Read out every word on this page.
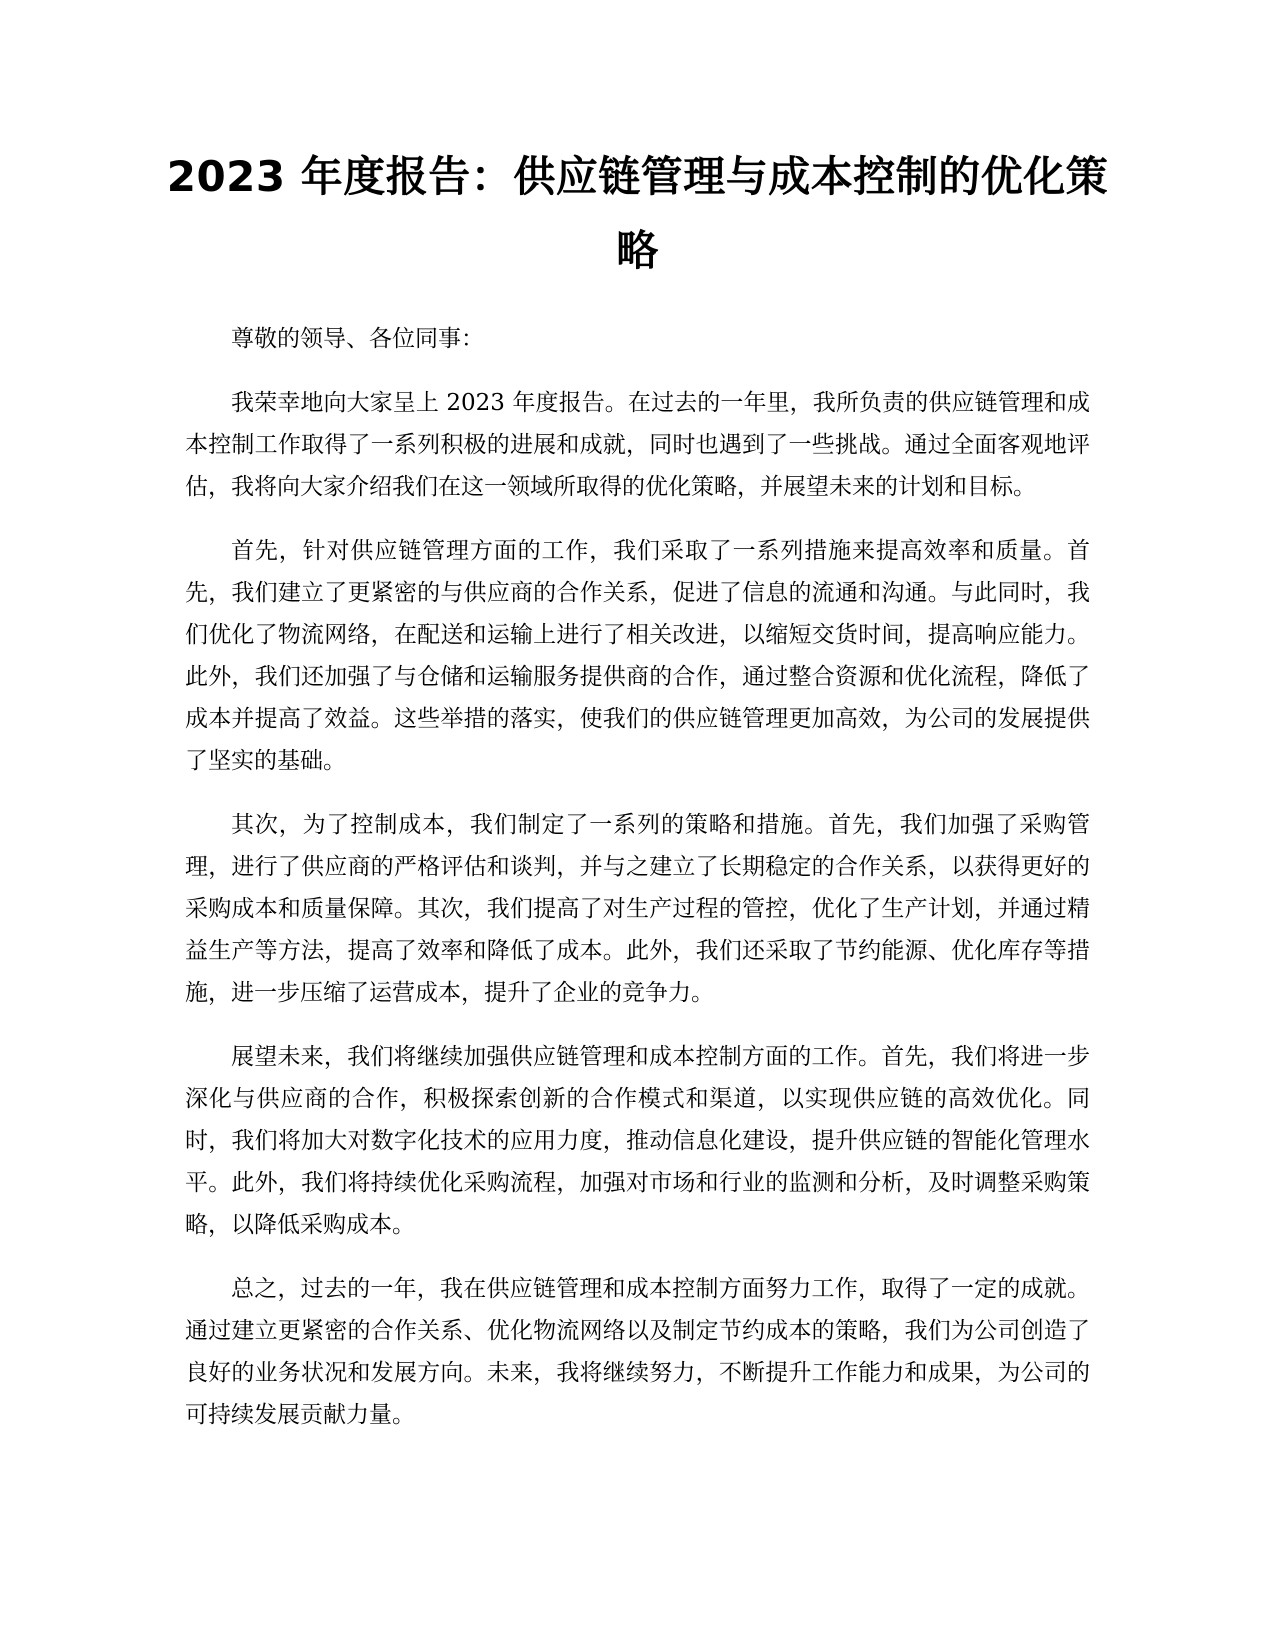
2023 年度报告：供应链管理与成本控制的优化策略

尊敬的领导、各位同事：

我荣幸地向大家呈上 2023 年度报告。在过去的一年里，我所负责的供应链管理和成本控制工作取得了一系列积极的进展和成就，同时也遇到了一些挑战。通过全面客观地评估，我将向大家介绍我们在这一领域所取得的优化策略，并展望未来的计划和目标。

首先，针对供应链管理方面的工作，我们采取了一系列措施来提高效率和质量。首先，我们建立了更紧密的与供应商的合作关系，促进了信息的流通和沟通。与此同时，我们优化了物流网络，在配送和运输上进行了相关改进，以缩短交货时间，提高响应能力。此外，我们还加强了与仓储和运输服务提供商的合作，通过整合资源和优化流程，降低了成本并提高了效益。这些举措的落实，使我们的供应链管理更加高效，为公司的发展提供了坚实的基础。

其次，为了控制成本，我们制定了一系列的策略和措施。首先，我们加强了采购管理，进行了供应商的严格评估和谈判，并与之建立了长期稳定的合作关系，以获得更好的采购成本和质量保障。其次，我们提高了对生产过程的管控，优化了生产计划，并通过精益生产等方法，提高了效率和降低了成本。此外，我们还采取了节约能源、优化库存等措施，进一步压缩了运营成本，提升了企业的竞争力。

展望未来，我们将继续加强供应链管理和成本控制方面的工作。首先，我们将进一步深化与供应商的合作，积极探索创新的合作模式和渠道，以实现供应链的高效优化。同时，我们将加大对数字化技术的应用力度，推动信息化建设，提升供应链的智能化管理水平。此外，我们将持续优化采购流程，加强对市场和行业的监测和分析，及时调整采购策略，以降低采购成本。

总之，过去的一年，我在供应链管理和成本控制方面努力工作，取得了一定的成就。通过建立更紧密的合作关系、优化物流网络以及制定节约成本的策略，我们为公司创造了良好的业务状况和发展方向。未来，我将继续努力，不断提升工作能力和成果，为公司的可持续发展贡献力量。
